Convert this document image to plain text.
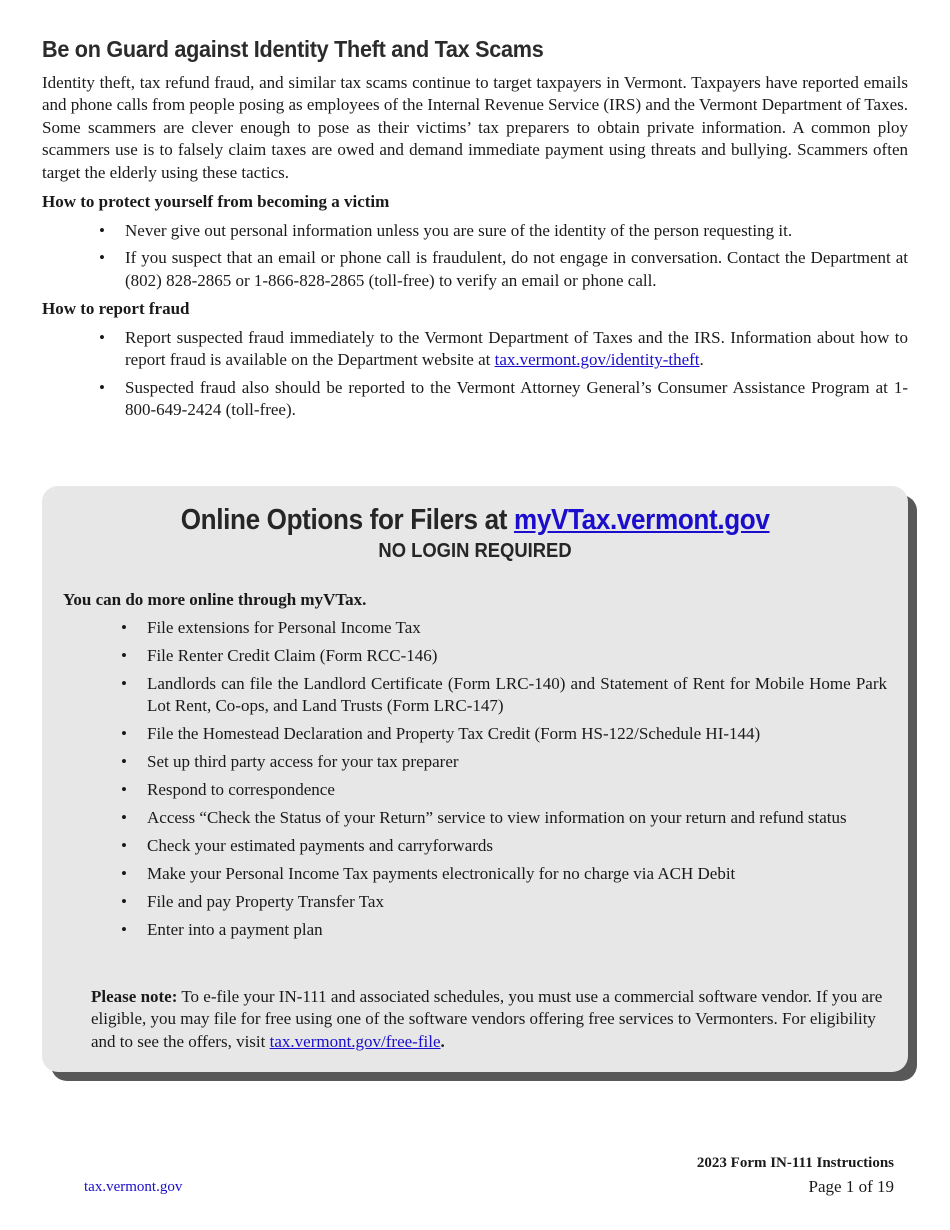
Be on Guard against Identity Theft and Tax Scams

Identity theft, tax refund fraud, and similar tax scams continue to target taxpayers in Vermont. Taxpayers have reported emails and phone calls from people posing as employees of the Internal Revenue Service (IRS) and the Vermont Department of Taxes. Some scammers are clever enough to pose as their victims’ tax preparers to obtain private information. A common ploy scammers use is to falsely claim taxes are owed and demand immediate payment using threats and bullying. Scammers often target the elderly using these tactics.

How to protect yourself from becoming a victim

•	Never give out personal information unless you are sure of the identity of the person requesting it.
•	If you suspect that an email or phone call is fraudulent, do not engage in conversation. Contact the Department at (802) 828-2865 or 1-866-828-2865 (toll-free) to verify an email or phone call.

How to report fraud

•	Report suspected fraud immediately to the Vermont Department of Taxes and the IRS. Information about how to report fraud is available on the Department website at tax.vermont.gov/identity-theft.
•	Suspected fraud also should be reported to the Vermont Attorney General’s Consumer Assistance Program at 1-800-649-2424 (toll-free).
Online Options for Filers at myVTax.vermont.gov

NO LOGIN REQUIRED

You can do more online through myVTax.

•	File extensions for Personal Income Tax
•	File Renter Credit Claim (Form RCC-146)
•	Landlords can file the Landlord Certificate (Form LRC-140) and Statement of Rent for Mobile Home Park Lot Rent, Co-ops, and Land Trusts (Form LRC-147)
•	File the Homestead Declaration and Property Tax Credit (Form HS-122/Schedule HI-144)
•	Set up third party access for your tax preparer
•	Respond to correspondence
•	Access “Check the Status of your Return” service to view information on your return and refund status
•	Check your estimated payments and carryforwards
•	Make your Personal Income Tax payments electronically for no charge via ACH Debit
•	File and pay Property Transfer Tax
•	Enter into a payment plan

Please note: To e-file your IN-111 and associated schedules, you must use a commercial software vendor. If you are eligible, you may file for free using one of the software vendors offering free services to Vermonters. For eligibility and to see the offers, visit tax.vermont.gov/free-file.

2023 Form IN-111 Instructions

Page 1 of 19

tax.vermont.gov
